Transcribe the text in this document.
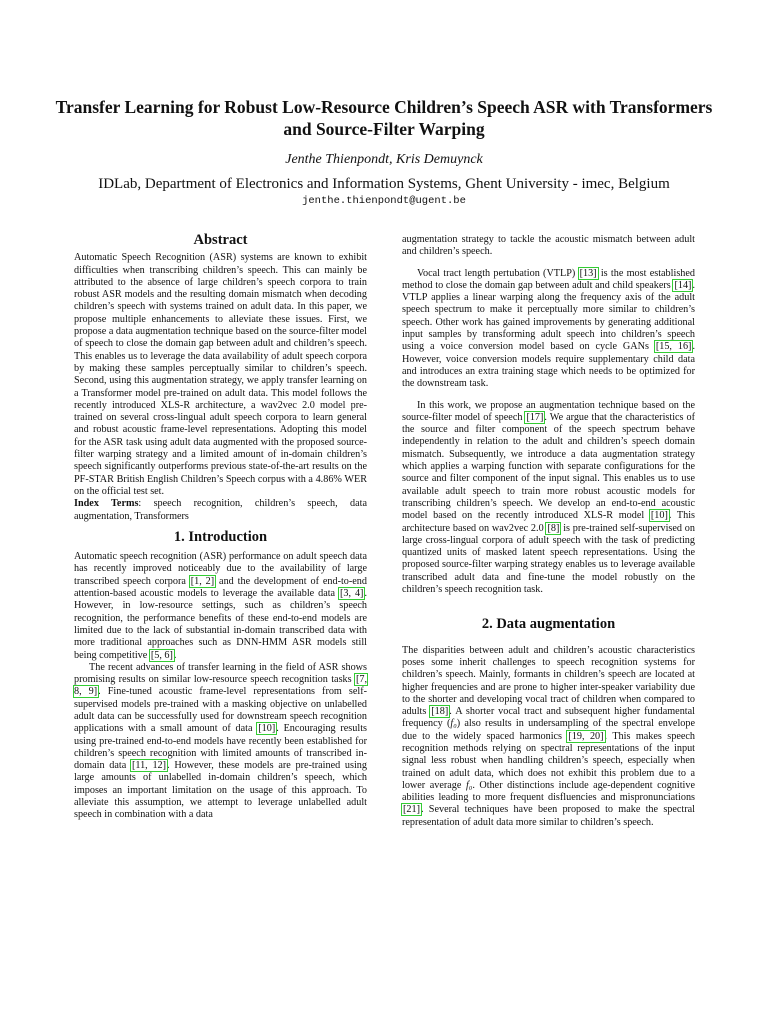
Transfer Learning for Robust Low-Resource Children’s Speech ASR with Transformers and Source-Filter Warping
Jenthe Thienpondt, Kris Demuynck
IDLab, Department of Electronics and Information Systems, Ghent University - imec, Belgium
jenthe.thienpondt@ugent.be
Abstract

Automatic Speech Recognition (ASR) systems are known to exhibit difficulties when transcribing children’s speech. This can mainly be attributed to the absence of large children’s speech corpora to train robust ASR models and the resulting domain mismatch when decoding children’s speech with systems trained on adult data. In this paper, we propose multiple enhancements to alleviate these issues. First, we propose a data augmentation technique based on the source-filter model of speech to close the domain gap between adult and children’s speech. This enables us to leverage the data availability of adult speech corpora by making these samples perceptually similar to children’s speech. Second, using this augmentation strategy, we apply transfer learning on a Transformer model pre-trained on adult data. This model follows the recently introduced XLS-R architecture, a wav2vec 2.0 model pre-trained on several cross-lingual adult speech corpora to learn general and robust acoustic frame-level representations. Adopting this model for the ASR task using adult data augmented with the proposed source-filter warping strategy and a limited amount of in-domain children’s speech significantly outperforms previous state-of-the-art results on the PF-STAR British English Children’s Speech corpus with a 4.86% WER on the official test set.

Index Terms: speech recognition, children’s speech, data augmentation, Transformers

1. Introduction

Automatic speech recognition (ASR) performance on adult speech data has recently improved noticeably due to the availability of large transcribed speech corpora [1, 2] and the development of end-to-end attention-based acoustic models to leverage the available data [3, 4]. However, in low-resource settings, such as children’s speech recognition, the performance benefits of these end-to-end models are limited due to the lack of substantial in-domain transcribed data with more traditional approaches such as DNN-HMM ASR models still being competitive [5, 6].

The recent advances of transfer learning in the field of ASR shows promising results on similar low-resource speech recognition tasks [7, 8, 9]. Fine-tuned acoustic frame-level representations from self-supervised models pre-trained with a masking objective on unlabelled adult data can be successfully used for downstream speech recognition applications with a small amount of data [10]. Encouraging results using pre-trained end-to-end models have recently been established for children’s speech recognition with limited amounts of transcribed in-domain data [11, 12]. However, these models are pre-trained using large amounts of unlabelled in-domain children’s speech, which imposes an important limitation on the usage of this approach. To alleviate this assumption, we attempt to leverage unlabelled adult speech in combination with a data

augmentation strategy to tackle the acoustic mismatch between adult and children’s speech.

Vocal tract length pertubation (VTLP) [13] is the most established method to close the domain gap between adult and child speakers [14]. VTLP applies a linear warping along the frequency axis of the adult speech spectrum to make it perceptually more similar to children’s speech. Other work has gained improvements by generating additional input samples by transforming adult speech into children’s speech using a voice conversion model based on cycle GANs [15, 16]. However, voice conversion models require supplementary child data and introduces an extra training stage which needs to be optimized for the downstream task.

In this work, we propose an augmentation technique based on the source-filter model of speech [17]. We argue that the characteristics of the source and filter component of the speech spectrum behave independently in relation to the adult and children’s speech domain mismatch. Subsequently, we introduce a data augmentation strategy which applies a warping function with separate configurations for the source and filter component of the input signal. This enables us to use available adult speech to train more robust acoustic models for transcribing children’s speech. We develop an end-to-end acoustic model based on the recently introduced XLS-R model [10]. This architecture based on wav2vec 2.0 [8] is pre-trained self-supervised on large cross-lingual corpora of adult speech with the task of predicting quantized units of masked latent speech representations. Using the proposed source-filter warping strategy enables us to leverage available transcribed adult data and fine-tune the model robustly on the children’s speech recognition task.

2. Data augmentation

The disparities between adult and children’s acoustic characteristics poses some inherit challenges to speech recognition systems for children’s speech. Mainly, formants in children’s speech are located at higher frequencies and are prone to higher inter-speaker variability due to the shorter and developing vocal tract of children when compared to adults [18]. A shorter vocal tract and subsequent higher fundamental frequency (f₀) also results in undersampling of the spectral envelope due to the widely spaced harmonics [19, 20]. This makes speech recognition methods relying on spectral representations of the input signal less robust when handling children’s speech, especially when trained on adult data, which does not exhibit this problem due to a lower average f₀. Other distinctions include age-dependent cognitive abilities leading to more frequent disfluencies and mispronunciations [21]. Several techniques have been proposed to make the spectral representation of adult data more similar to children’s speech.
